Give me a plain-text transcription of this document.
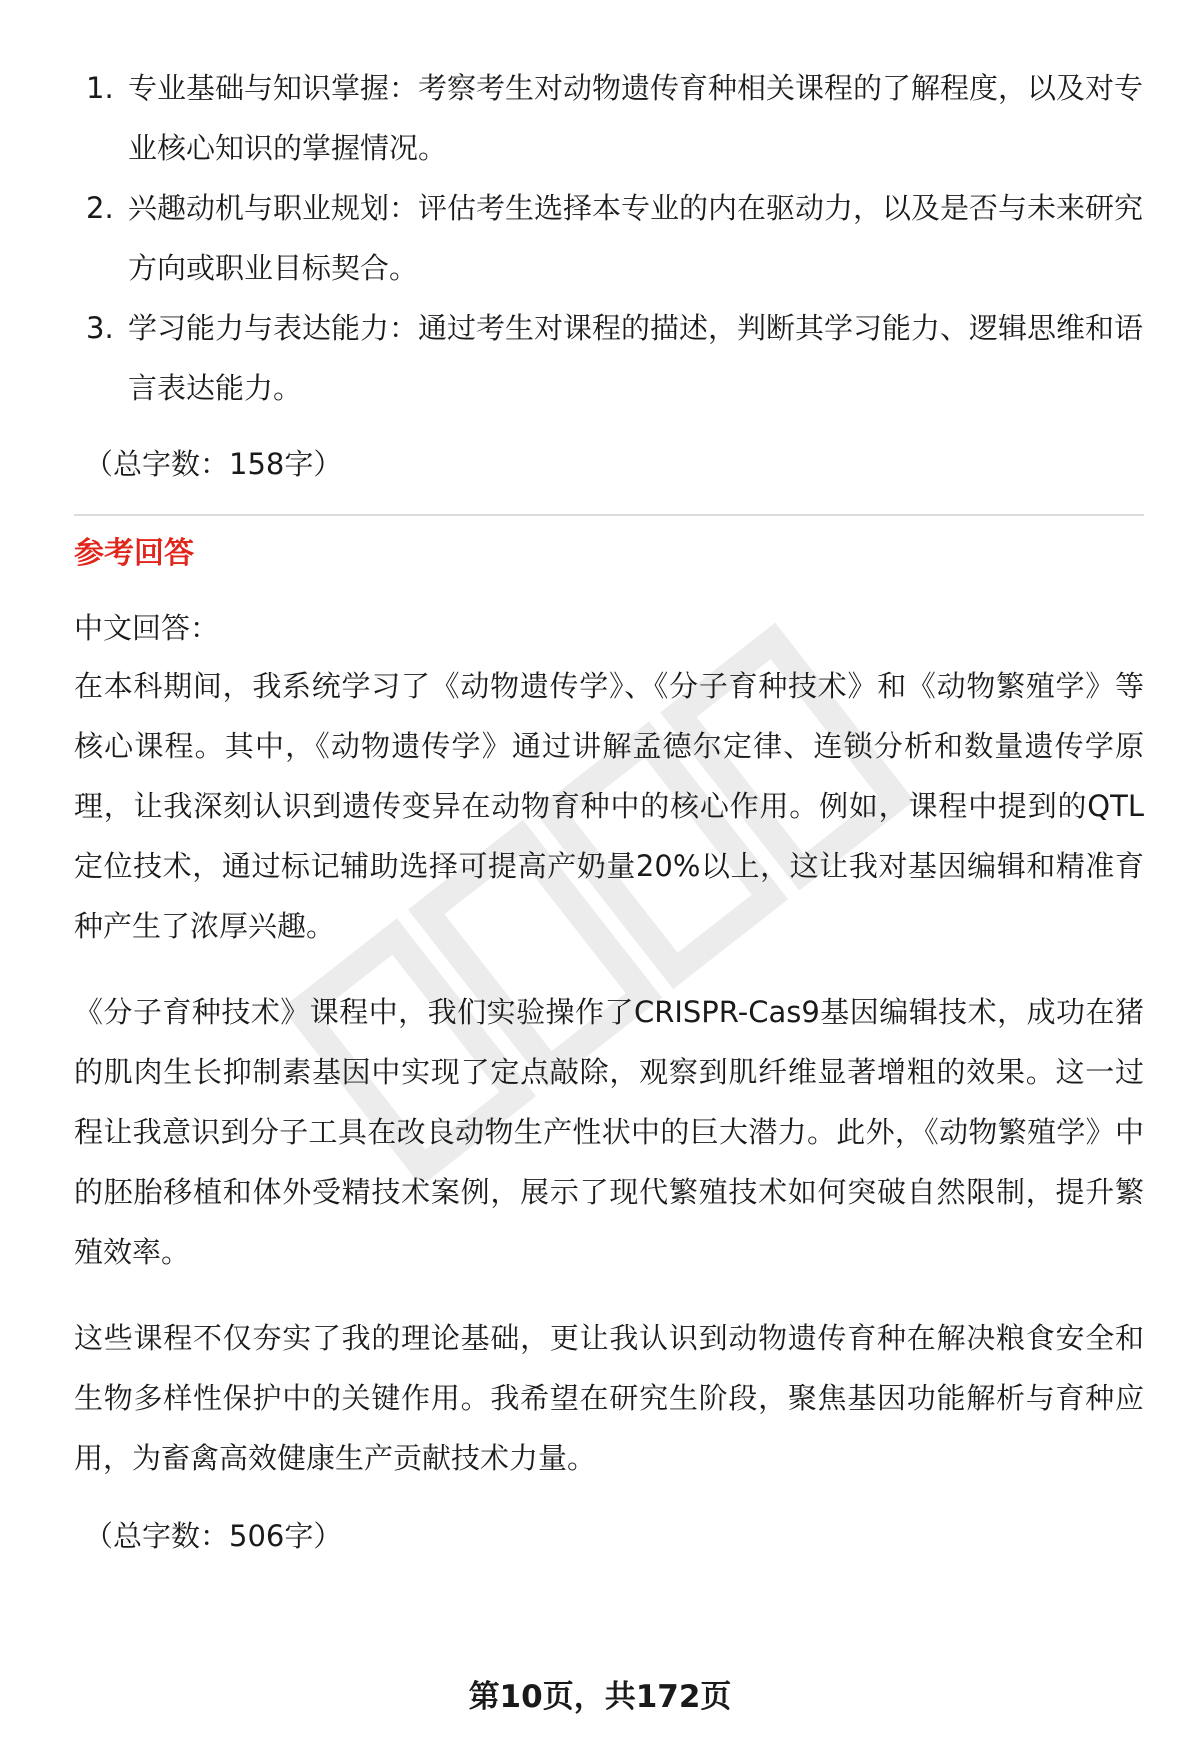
1. 专业基础与知识掌握：考察考生对动物遗传育种相关课程的了解程度，以及对专业核心知识的掌握情况。
2. 兴趣动机与职业规划：评估考生选择本专业的内在驱动力，以及是否与未来研究方向或职业目标契合。
3. 学习能力与表达能力：通过考生对课程的描述，判断其学习能力、逻辑思维和语言表达能力。
（总字数：158字）
参考回答
中文回答：

在本科期间，我系统学习了《动物遗传学》、《分子育种技术》和《动物繁殖学》等核心课程。其中，《动物遗传学》通过讲解孟德尔定律、连锁分析和数量遗传学原理，让我深刻认识到遗传变异在动物育种中的核心作用。例如，课程中提到的QTL定位技术，通过标记辅助选择可提高产奶量20%以上，这让我对基因编辑和精准育种产生了浓厚兴趣。

《分子育种技术》课程中，我们实验操作了CRISPR-Cas9基因编辑技术，成功在猪的肌肉生长抑制素基因中实现了定点敲除，观察到肌纤维显著增粗的效果。这一过程让我意识到分子工具在改良动物生产性状中的巨大潜力。此外，《动物繁殖学》中的胚胎移植和体外受精技术案例，展示了现代繁殖技术如何突破自然限制，提升繁殖效率。

这些课程不仅夯实了我的理论基础，更让我认识到动物遗传育种在解决粮食安全和生物多样性保护中的关键作用。我希望在研究生阶段，聚焦基因功能解析与育种应用，为畜禽高效健康生产贡献技术力量。

（总字数：506字）
第10页，共172页
